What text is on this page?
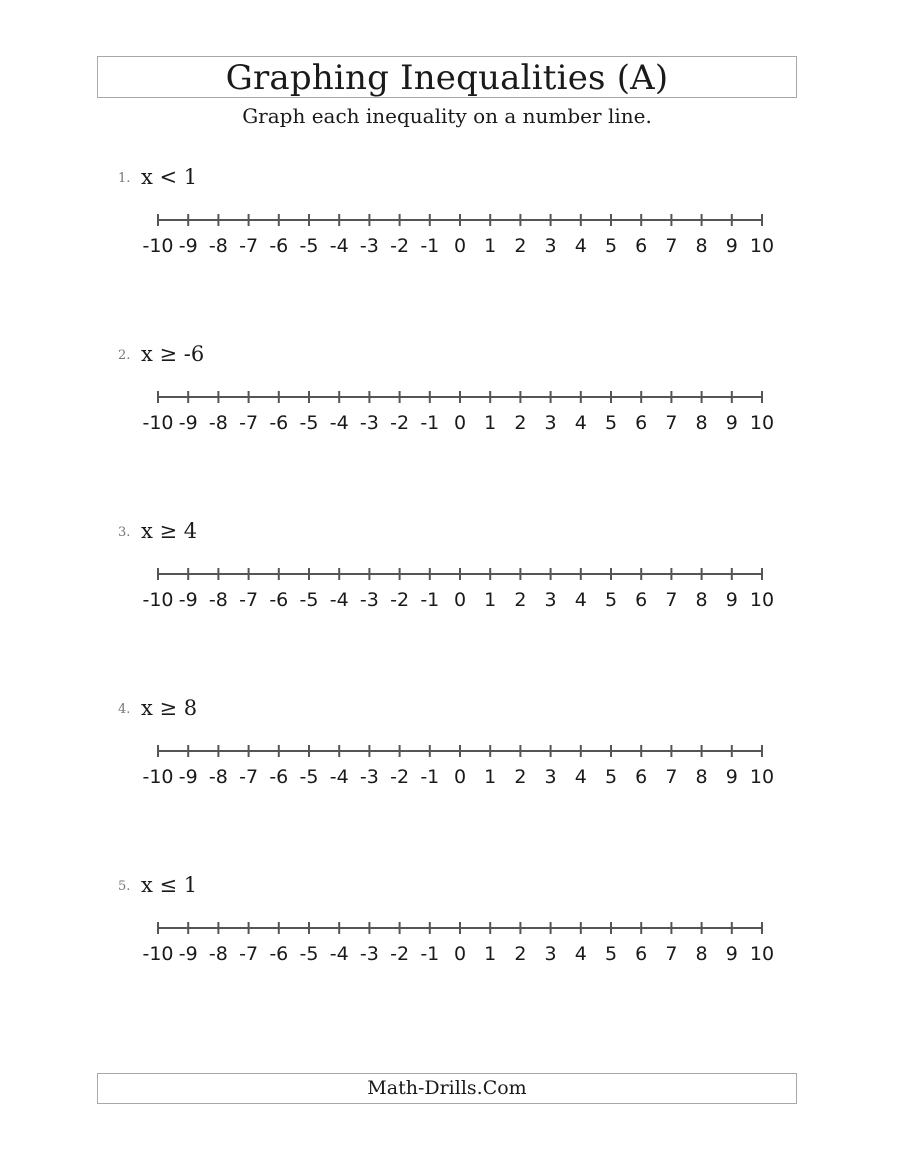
Graphing Inequalities (A)
Graph each inequality on a number line.
1. x < 1
-10 -9 -8 -7 -6 -5 -4 -3 -2 -1 0 1 2 3 4 5 6 7 8 9 10
2. x ≥ -6
-10 -9 -8 -7 -6 -5 -4 -3 -2 -1 0 1 2 3 4 5 6 7 8 9 10
3. x ≥ 4
-10 -9 -8 -7 -6 -5 -4 -3 -2 -1 0 1 2 3 4 5 6 7 8 9 10
4. x ≥ 8
-10 -9 -8 -7 -6 -5 -4 -3 -2 -1 0 1 2 3 4 5 6 7 8 9 10
5. x ≤ 1
-10 -9 -8 -7 -6 -5 -4 -3 -2 -1 0 1 2 3 4 5 6 7 8 9 10
Math-Drills.Com
